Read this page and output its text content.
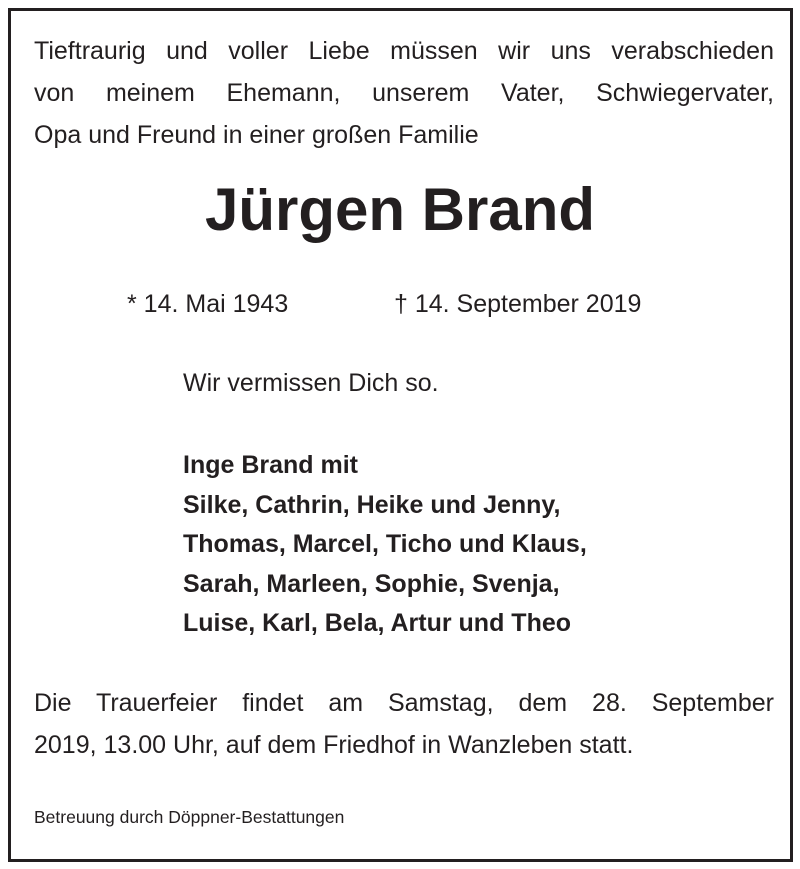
Tieftraurig und voller Liebe müssen wir uns verabschieden
von meinem Ehemann, unserem Vater, Schwiegervater,
Opa und Freund in einer großen Familie

Jürgen Brand
* 14. Mai 1943	† 14. September 2019

Wir vermissen Dich so.

Inge Brand mit
Silke, Cathrin, Heike und Jenny,
Thomas, Marcel, Ticho und Klaus,
Sarah, Marleen, Sophie, Svenja,
Luise, Karl, Bela, Artur und Theo

Die Trauerfeier findet am Samstag, dem 28. September
2019, 13.00 Uhr, auf dem Friedhof in Wanzleben statt.

Betreuung durch Döppner-Bestattungen
